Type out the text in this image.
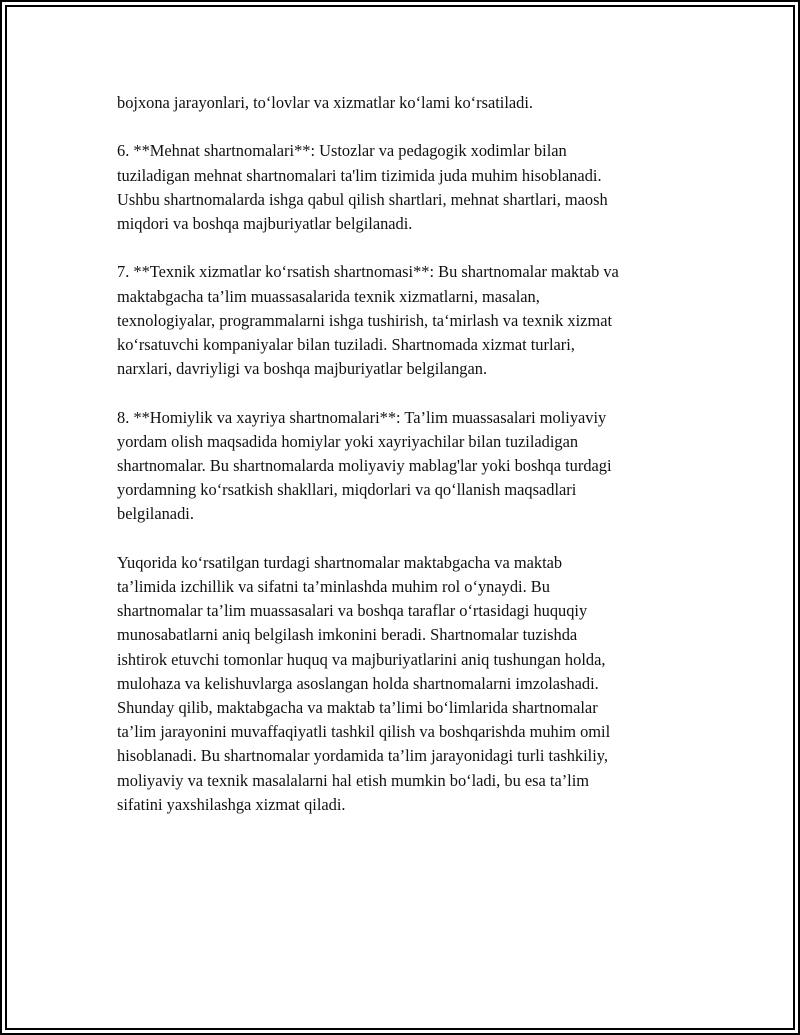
bojxona jarayonlari, to‘lovlar va xizmatlar ko‘lami ko‘rsatiladi.

6. **Mehnat shartnomalari**: Ustozlar va pedagogik xodimlar bilan
tuziladigan mehnat shartnomalari ta'lim tizimida juda muhim hisoblanadi.
Ushbu shartnomalarda ishga qabul qilish shartlari, mehnat shartlari, maosh
miqdori va boshqa majburiyatlar belgilanadi.

7. **Texnik xizmatlar ko‘rsatish shartnomasi**: Bu shartnomalar maktab va
maktabgacha ta’lim muassasalarida texnik xizmatlarni, masalan,
texnologiyalar, programmalarni ishga tushirish, ta‘mirlash va texnik xizmat
ko‘rsatuvchi kompaniyalar bilan tuziladi. Shartnomada xizmat turlari,
narxlari, davriyligi va boshqa majburiyatlar belgilangan.

8. **Homiylik va xayriya shartnomalari**: Ta’lim muassasalari moliyaviy
yordam olish maqsadida homiylar yoki xayriyachilar bilan tuziladigan
shartnomalar. Bu shartnomalarda moliyaviy mablag'lar yoki boshqa turdagi
yordamning ko‘rsatkish shakllari, miqdorlari va qo‘llanish maqsadlari
belgilanadi.

Yuqorida ko‘rsatilgan turdagi shartnomalar maktabgacha va maktab
ta’limida izchillik va sifatni ta’minlashda muhim rol o‘ynaydi. Bu
shartnomalar ta’lim muassasalari va boshqa taraflar o‘rtasidagi huquqiy
munosabatlarni aniq belgilash imkonini beradi. Shartnomalar tuzishda
ishtirok etuvchi tomonlar huquq va majburiyatlarini aniq tushungan holda,
mulohaza va kelishuvlarga asoslangan holda shartnomalarni imzolashadi.
Shunday qilib, maktabgacha va maktab ta’limi bo‘limlarida shartnomalar
ta’lim jarayonini muvaffaqiyatli tashkil qilish va boshqarishda muhim omil
hisoblanadi. Bu shartnomalar yordamida ta’lim jarayonidagi turli tashkiliy,
moliyaviy va texnik masalalarni hal etish mumkin bo‘ladi, bu esa ta’lim
sifatini yaxshilashga xizmat qiladi.
